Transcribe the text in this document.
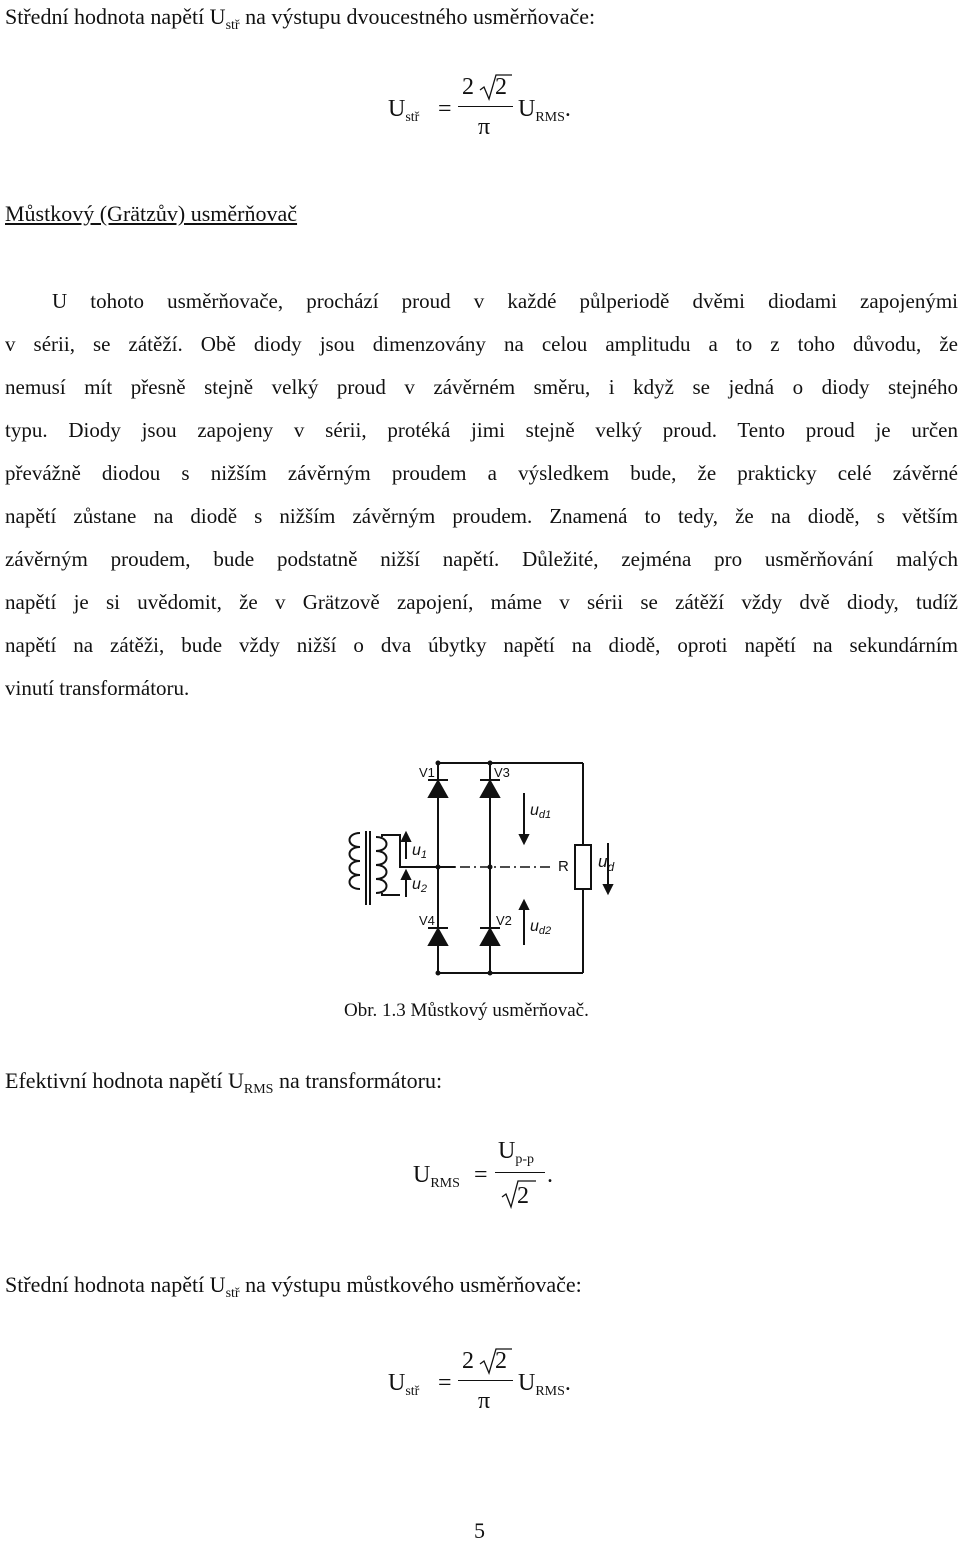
Střední hodnota napětí $U_{stř}$ na výstupu dvoucestného usměrňovače:
$U_{stř}$ =
2 2
π
$U_{RMS}$.
Můstkový (Grätzův) usměrňovač
U tohoto usměrňovače, prochází proud v každé půlperiodě dvěmi diodami zapojenými
v sérii, se zátěží. Obě diody jsou dimenzovány na celou amplitudu a to z toho důvodu, že
nemusí mít přesně stejně velký proud v závěrném směru, i když se jedná o diody stejného
typu. Diody jsou zapojeny v sérii, protéká jimi stejně velký proud. Tento proud je určen
převážně diodou s nižším závěrným proudem a výsledkem bude, že prakticky celé závěrné
napětí zůstane na diodě s nižším závěrným proudem. Znamená to tedy, že na diodě, s větším
závěrným proudem, bude podstatně nižší napětí. Důležité, zejména pro usměrňování malých
napětí je si uvědomit, že v Grätzově zapojení, máme v sérii se zátěží vždy dvě diody, tudíž
napětí na zátěži, bude vždy nižší o dva úbytky napětí na diodě, oproti napětí na sekundárním
vinutí transformátoru.
V1	V3
V4	V2
u1
u2
ud1
ud2
R $u_d$
Obr. 1.3 Můstkový usměrňovač.
Efektivní hodnota napětí $U_{RMS}$ na transformátoru:
$U_{RMS}$ =
$U_{p-p}$
2
.
Střední hodnota napětí $U_{stř}$ na výstupu můstkového usměrňovače:
$U_{stř}$ =
2 2
π
$U_{RMS}$.
5
